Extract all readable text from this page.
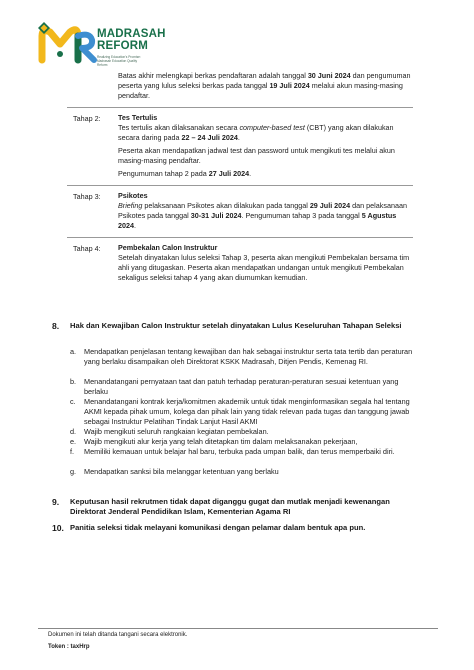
MADRASAH
REFORM
Realizing Education's Promise: Madrasah Education Quality Reform

Batas akhir melengkapi berkas pendaftaran adalah tanggal 30 Juni 2024 dan pengumuman peserta yang lulus seleksi berkas pada tanggal 19 Juli 2024 melalui akun masing-masing pendaftar.

Tahap 2: Tes Tertulis

Tes tertulis akan dilaksanakan secara computer-based test (CBT) yang akan dilakukan secara daring pada 22 – 24 Juli 2024.

Peserta akan mendapatkan jadwal test dan password untuk mengikuti tes melalui akun masing-masing pendaftar.

Pengumuman tahap 2 pada 27 Juli 2024.

Tahap 3: Psikotes

Briefing pelaksanaan Psikotes akan dilakukan pada tanggal 29 Juli 2024 dan pelaksanaan Psikotes pada tanggal 30-31 Juli 2024. Pengumuman tahap 3 pada tanggal 5 Agustus 2024.

Tahap 4: Pembekalan Calon Instruktur

Setelah dinyatakan lulus seleksi Tahap 3, peserta akan mengikuti Pembekalan bersama tim ahli yang ditugaskan. Peserta akan mendapatkan undangan untuk mengikuti Pembekalan sekaligus seleksi tahap 4 yang akan diumumkan kemudian.

8. Hak dan Kewajiban Calon Instruktur setelah dinyatakan Lulus Keseluruhan Tahapan Seleksi
a. Mendapatkan penjelasan tentang kewajiban dan hak sebagai instruktur serta tata tertib dan peraturan yang berlaku disampaikan oleh Direktorat KSKK Madrasah, Ditjen Pendis, Kemenag RI.
b. Menandatangani pernyataan taat dan patuh terhadap peraturan-peraturan sesuai ketentuan yang berlaku
c. Menandatangani kontrak kerja/komitmen akademik untuk tidak menginformasikan segala hal tentang AKMI kepada pihak umum, kolega dan pihak lain yang tidak relevan pada tugas dan tanggung jawab sebagai Instruktur Pelatihan Tindak Lanjut Hasil AKMI
d. Wajib mengikuti seluruh rangkaian kegiatan pembekalan.
e. Wajib mengikuti alur kerja yang telah ditetapkan tim dalam melaksanakan pekerjaan,
f. Memiliki kemauan untuk belajar hal baru, terbuka pada umpan balik, dan terus memperbaiki diri.
g. Mendapatkan sanksi bila melanggar ketentuan yang berlaku
9. Keputusan hasil rekrutmen tidak dapat diganggu gugat dan mutlak menjadi kewenangan Direktorat Jenderal Pendidikan Islam, Kementerian Agama RI
10. Panitia seleksi tidak melayani komunikasi dengan pelamar dalam bentuk apa pun.
Dokumen ini telah ditanda tangani secara elektronik.
Token : taxHrp
